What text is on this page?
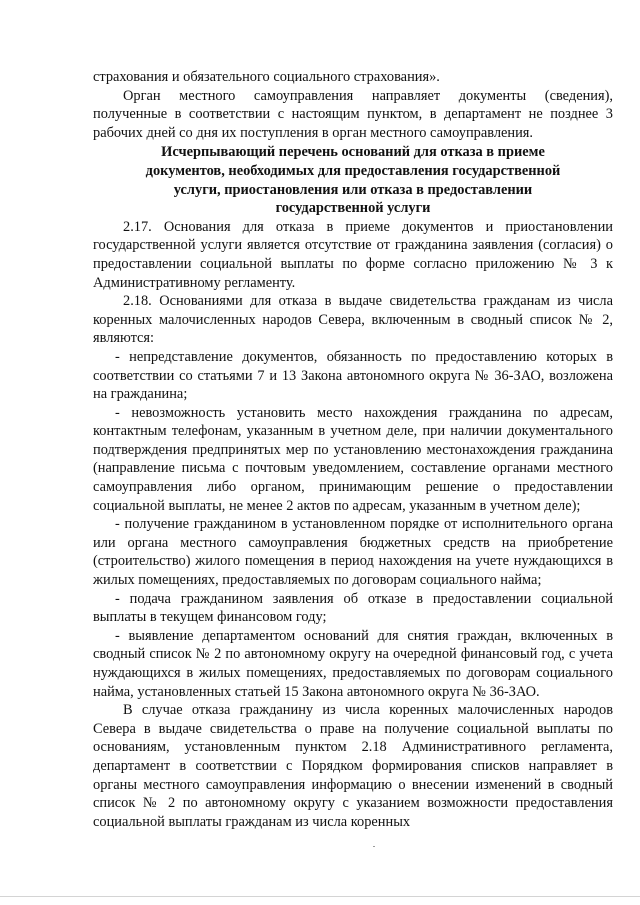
страхования и обязательного социального страхования».

Орган местного самоуправления направляет документы (сведения), полученные в соответствии с настоящим пунктом, в департамент не позднее 3 рабочих дней со дня их поступления в орган местного самоуправления.

Исчерпывающий перечень оснований для отказа в приеме документов, необходимых для предоставления государственной услуги, приостановления или отказа в предоставлении государственной услуги

2.17. Основания для отказа в приеме документов и приостановлении государственной услуги является отсутствие от гражданина заявления (согласия) о предоставлении социальной выплаты по форме согласно приложению № 3 к Административному регламенту.

2.18. Основаниями для отказа в выдаче свидетельства гражданам из числа коренных малочисленных народов Севера, включенным в сводный список № 2, являются:

- непредставление документов, обязанность по предоставлению которых в соответствии со статьями 7 и 13 Закона автономного округа № 36-ЗАО, возложена на гражданина;

- невозможность установить место нахождения гражданина по адресам, контактным телефонам, указанным в учетном деле, при наличии документального подтверждения предпринятых мер по установлению местонахождения гражданина (направление письма с почтовым уведомлением, составление органами местного самоуправления либо органом, принимающим решение о предоставлении социальной выплаты, не менее 2 актов по адресам, указанным в учетном деле);

- получение гражданином в установленном порядке от исполнительного органа или органа местного самоуправления бюджетных средств на приобретение (строительство) жилого помещения в период нахождения на учете нуждающихся в жилых помещениях, предоставляемых по договорам социального найма;

- подача гражданином заявления об отказе в предоставлении социальной выплаты в текущем финансовом году;

- выявление департаментом оснований для снятия граждан, включенных в сводный список № 2 по автономному округу на очередной финансовый год, с учета нуждающихся в жилых помещениях, предоставляемых по договорам социального найма, установленных статьей 15 Закона автономного округа № 36-ЗАО.

В случае отказа гражданину из числа коренных малочисленных народов Севера в выдаче свидетельства о праве на получение социальной выплаты по основаниям, установленным пунктом 2.18 Административного регламента, департамент в соответствии с Порядком формирования списков направляет в органы местного самоуправления информацию о внесении изменений в сводный список № 2 по автономному округу с указанием возможности предоставления социальной выплаты гражданам из числа коренных
